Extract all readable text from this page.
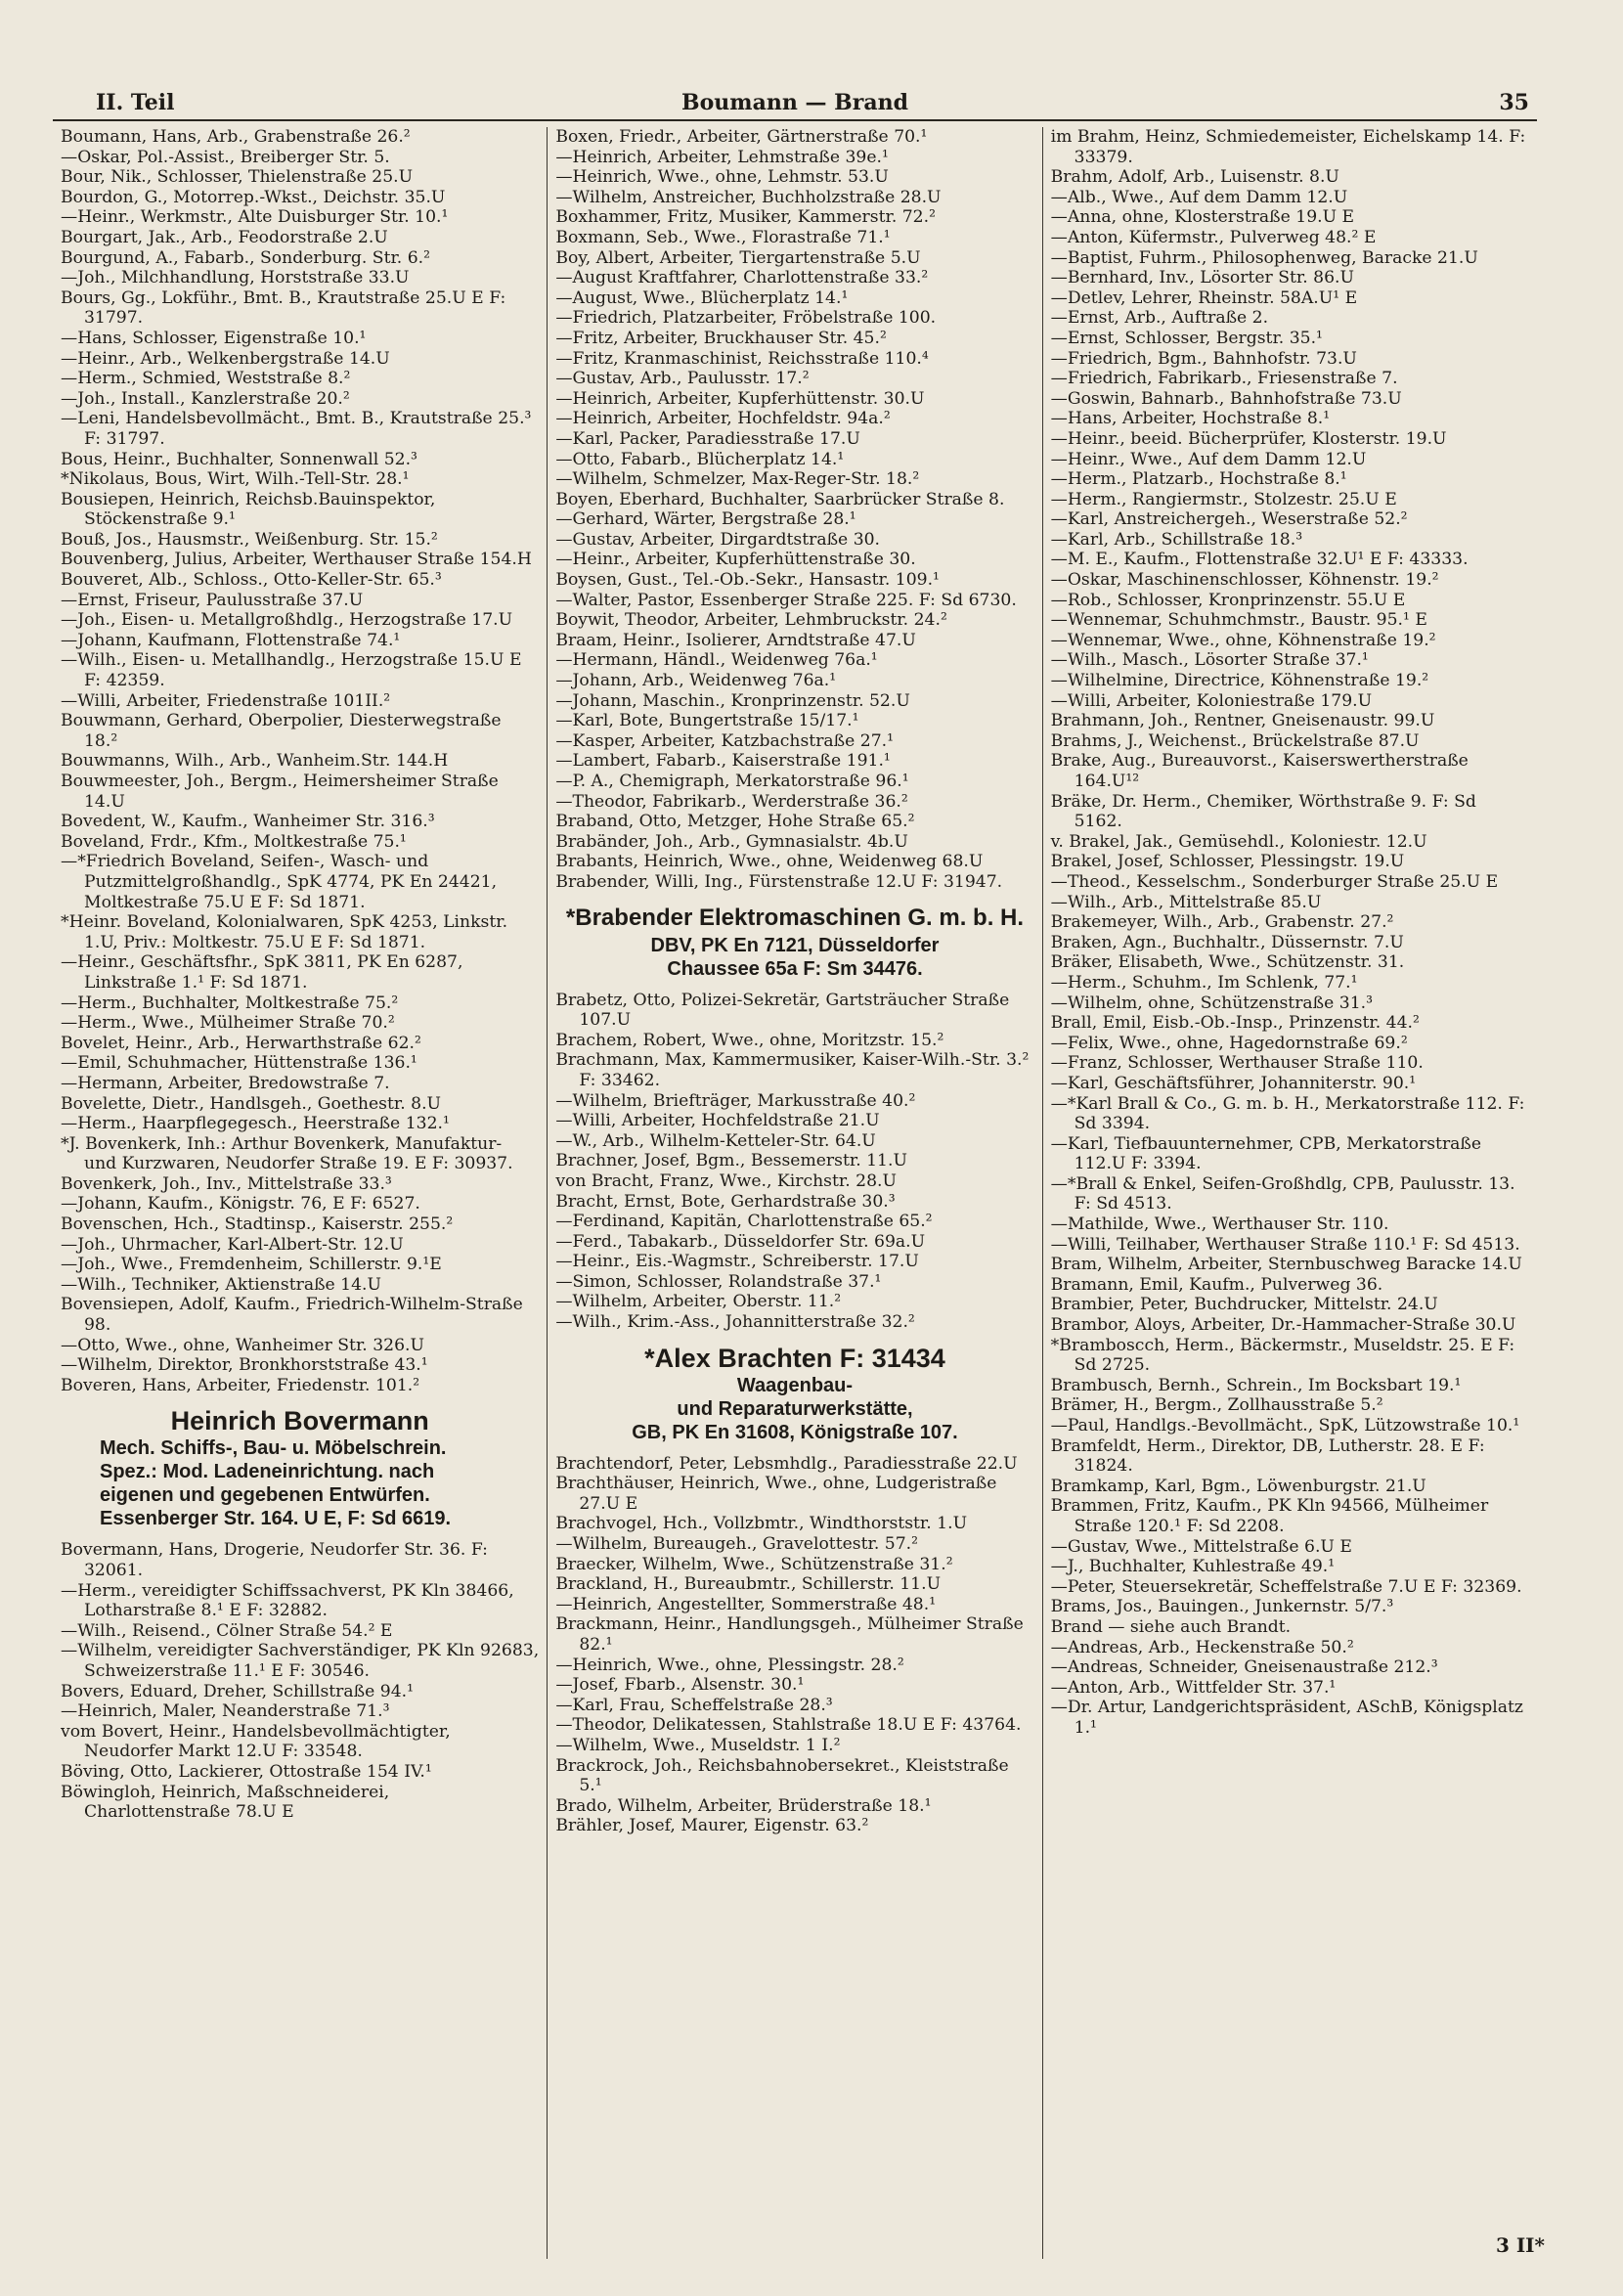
II. Teil	Boumann — Brand	35
Boumann, Hans, Arb., Grabenstraße 26.²
—Oskar, Pol.-Assist., Breiberger Str. 5.
Bour, Nik., Schlosser, Thielenstraße 25.U
Bourdon, G., Motorrep.-Wkst., Deichstr. 35.U
—Heinr., Werkmstr., Alte Duisburger Str. 10.¹
Bourgart, Jak., Arb., Feodorstraße 2.U
Bourgund, A., Fabarb., Sonderburg. Str. 6.²
—Joh., Milchhandlung, Horststraße 33.U
Bours, Gg., Lokführ., Bmt. B., Krautstraße 25.U E F: 31797.
—Hans, Schlosser, Eigenstraße 10.¹
—Heinr., Arb., Welkenbergstraße 14.U
—Herm., Schmied, Weststraße 8.²
—Joh., Install., Kanzlerstraße 20.²
—Leni, Handelsbevollmächt., Bmt. B., Krautstraße 25.³ F: 31797.
Bous, Heinr., Buchhalter, Sonnenwall 52.³
*Nikolaus, Bous, Wirt, Wilh.-Tell-Str. 28.¹
Bousiepen, Heinrich, Reichsb.Bauinspektor, Stöckenstraße 9.¹
Bouß, Jos., Hausmstr., Weißenburg. Str. 15.²
Bouvenberg, Julius, Arbeiter, Werthauser Straße 154.H
Bouveret, Alb., Schloss., Otto-Keller-Str. 65.³
—Ernst, Friseur, Paulusstraße 37.U
—Joh., Eisen- u. Metallgroßhdlg., Herzogstraße 17.U
—Johann, Kaufmann, Flottenstraße 74.¹
—Wilh., Eisen- u. Metallhandlg., Herzogstraße 15.U E F: 42359.
—Willi, Arbeiter, Friedenstraße 101II.²
Bouwmann, Gerhard, Oberpolier, Diesterwegstraße 18.²
Bouwmanns, Wilh., Arb., Wanheim.Str. 144.H
Bouwmeester, Joh., Bergm., Heimersheimer Straße 14.U
Bovedent, W., Kaufm., Wanheimer Str. 316.³
Boveland, Frdr., Kfm., Moltkestraße 75.¹
—*Friedrich Boveland, Seifen-, Wasch- und Putzmittelgroßhandlg., SpK 4774, PK En 24421, Moltkestraße 75.U E F: Sd 1871.
*Heinr. Boveland, Kolonialwaren, SpK 4253, Linkstr. 1.U, Priv.: Moltkestr. 75.U E F: Sd 1871.
—Heinr., Geschäftsfhr., SpK 3811, PK En 6287, Linkstraße 1.¹ F: Sd 1871.
—Herm., Buchhalter, Moltkestraße 75.²
—Herm., Wwe., Mülheimer Straße 70.²
Bovelet, Heinr., Arb., Herwarthstraße 62.²
—Emil, Schuhmacher, Hüttenstraße 136.¹
—Hermann, Arbeiter, Bredowstraße 7.
Bovelette, Dietr., Handlsgeh., Goethestr. 8.U
—Herm., Haarpflegegesch., Heerstraße 132.¹
*J. Bovenkerk, Inh.: Arthur Bovenkerk, Manufaktur- und Kurzwaren, Neudorfer Straße 19. E F: 30937.
Bovenkerk, Joh., Inv., Mittelstraße 33.³
—Johann, Kaufm., Königstr. 76, E F: 6527.
Bovenschen, Hch., Stadtinsp., Kaiserstr. 255.²
—Joh., Uhrmacher, Karl-Albert-Str. 12.U
—Joh., Wwe., Fremdenheim, Schillerstr. 9.¹E
—Wilh., Techniker, Aktienstraße 14.U
Bovensiepen, Adolf, Kaufm., Friedrich-Wilhelm-Straße 98.
—Otto, Wwe., ohne, Wanheimer Str. 326.U
—Wilhelm, Direktor, Bronkhorststraße 43.¹
Boveren, Hans, Arbeiter, Friedenstr. 101.²
Heinrich Bovermann
Mech. Schiffs-, Bau- u. Möbelschrein.
Spez.: Mod. Ladeneinrichtung. nach
eigenen und gegebenen Entwürfen.
Essenberger Str. 164. U E, F: Sd 6619.
Bovermann, Hans, Drogerie, Neudorfer Str. 36. F: 32061.
—Herm., vereidigter Schiffssachverst, PK Kln 38466, Lotharstraße 8.¹ E F: 32882.
—Wilh., Reisend., Cölner Straße 54.² E
—Wilhelm, vereidigter Sachverständiger, PK Kln 92683, Schweizerstraße 11.¹ E F: 30546.
Bovers, Eduard, Dreher, Schillstraße 94.¹
—Heinrich, Maler, Neanderstraße 71.³
vom Bovert, Heinr., Handelsbevollmächtigter, Neudorfer Markt 12.U F: 33548.
Böving, Otto, Lackierer, Ottostraße 154 IV.¹
Böwingloh, Heinrich, Maßschneiderei, Charlottenstraße 78.U E
Boxen, Friedr., Arbeiter, Gärtnerstraße 70.¹
—Heinrich, Arbeiter, Lehmstraße 39e.¹
—Heinrich, Wwe., ohne, Lehmstr. 53.U
—Wilhelm, Anstreicher, Buchholzstraße 28.U
Boxhammer, Fritz, Musiker, Kammerstr. 72.²
Boxmann, Seb., Wwe., Florastraße 71.¹
Boy, Albert, Arbeiter, Tiergartenstraße 5.U
—August Kraftfahrer, Charlottenstraße 33.²
—August, Wwe., Blücherplatz 14.¹
—Friedrich, Platzarbeiter, Fröbelstraße 100.
—Fritz, Arbeiter, Bruckhauser Str. 45.²
—Fritz, Kranmaschinist, Reichsstraße 110.⁴
—Gustav, Arb., Paulusstr. 17.²
—Heinrich, Arbeiter, Kupferhüttenstr. 30.U
—Heinrich, Arbeiter, Hochfeldstr. 94a.²
—Karl, Packer, Paradiesstraße 17.U
—Otto, Fabarb., Blücherplatz 14.¹
—Wilhelm, Schmelzer, Max-Reger-Str. 18.²
Boyen, Eberhard, Buchhalter, Saarbrücker Straße 8.
—Gerhard, Wärter, Bergstraße 28.¹
—Gustav, Arbeiter, Dirgardtstraße 30.
—Heinr., Arbeiter, Kupferhüttenstraße 30.
Boysen, Gust., Tel.-Ob.-Sekr., Hansastr. 109.¹
—Walter, Pastor, Essenberger Straße 225. F: Sd 6730.
Boywit, Theodor, Arbeiter, Lehmbruckstr. 24.²
Braam, Heinr., Isolierer, Arndtstraße 47.U
—Hermann, Händl., Weidenweg 76a.¹
—Johann, Arb., Weidenweg 76a.¹
—Johann, Maschin., Kronprinzenstr. 52.U
—Karl, Bote, Bungertstraße 15/17.¹
—Kasper, Arbeiter, Katzbachstraße 27.¹
—Lambert, Fabarb., Kaiserstraße 191.¹
—P. A., Chemigraph, Merkatorstraße 96.¹
—Theodor, Fabrikarb., Werderstraße 36.²
Braband, Otto, Metzger, Hohe Straße 65.²
Brabänder, Joh., Arb., Gymnasialstr. 4b.U
Brabants, Heinrich, Wwe., ohne, Weidenweg 68.U
Brabender, Willi, Ing., Fürstenstraße 12.U F: 31947.
*Brabender Elektromaschinen G. m. b. H.
DBV, PK En 7121, Düsseldorfer
Chaussee 65a F: Sm 34476.
Brabetz, Otto, Polizei-Sekretär, Gartsträucher Straße 107.U
Brachem, Robert, Wwe., ohne, Moritzstr. 15.²
Brachmann, Max, Kammermusiker, Kaiser-Wilh.-Str. 3.² F: 33462.
—Wilhelm, Briefträger, Markusstraße 40.²
—Willi, Arbeiter, Hochfeldstraße 21.U
—W., Arb., Wilhelm-Ketteler-Str. 64.U
Brachner, Josef, Bgm., Bessemerstr. 11.U
von Bracht, Franz, Wwe., Kirchstr. 28.U
Bracht, Ernst, Bote, Gerhardstraße 30.³
—Ferdinand, Kapitän, Charlottenstraße 65.²
—Ferd., Tabakarb., Düsseldorfer Str. 69a.U
—Heinr., Eis.-Wagmstr., Schreiberstr. 17.U
—Simon, Schlosser, Rolandstraße 37.¹
—Wilhelm, Arbeiter, Oberstr. 11.²
—Wilh., Krim.-Ass., Johannitterstraße 32.²
*Alex Brachten F: 31434
Waagenbau-
und Reparaturwerkstätte,
GB, PK En 31608, Königstraße 107.
Brachtendorf, Peter, Lebsmhdlg., Paradiesstraße 22.U
Brachthäuser, Heinrich, Wwe., ohne, Ludgeristraße 27.U E
Brachvogel, Hch., Vollzbmtr., Windthorststr. 1.U
—Wilhelm, Bureaugeh., Gravelottestr. 57.²
Braecker, Wilhelm, Wwe., Schützenstraße 31.²
Brackland, H., Bureaubmtr., Schillerstr. 11.U
—Heinrich, Angestellter, Sommerstraße 48.¹
Brackmann, Heinr., Handlungsgeh., Mülheimer Straße 82.¹
—Heinrich, Wwe., ohne, Plessingstr. 28.²
—Josef, Fbarb., Alsenstr. 30.¹
—Karl, Frau, Scheffelstraße 28.³
—Theodor, Delikatessen, Stahlstraße 18.U E F: 43764.
—Wilhelm, Wwe., Museldstr. 1 I.²
Brackrock, Joh., Reichsbahnobersekret., Kleiststraße 5.¹
Brado, Wilhelm, Arbeiter, Brüderstraße 18.¹
Brähler, Josef, Maurer, Eigenstr. 63.²
im Brahm, Heinz, Schmiedemeister, Eichelskamp 14. F: 33379.
Brahm, Adolf, Arb., Luisenstr. 8.U
—Alb., Wwe., Auf dem Damm 12.U
—Anna, ohne, Klosterstraße 19.U E
—Anton, Küfermstr., Pulverweg 48.² E
—Baptist, Fuhrm., Philosophenweg, Baracke 21.U
—Bernhard, Inv., Lösorter Str. 86.U
—Detlev, Lehrer, Rheinstr. 58A.U¹ E
—Ernst, Arb., Auftraße 2.
—Ernst, Schlosser, Bergstr. 35.¹
—Friedrich, Bgm., Bahnhofstr. 73.U
—Friedrich, Fabrikarb., Friesenstraße 7.
—Goswin, Bahnarb., Bahnhofstraße 73.U
—Hans, Arbeiter, Hochstraße 8.¹
—Heinr., beeid. Bücherprüfer, Klosterstr. 19.U
—Heinr., Wwe., Auf dem Damm 12.U
—Herm., Platzarb., Hochstraße 8.¹
—Herm., Rangiermstr., Stolzestr. 25.U E
—Karl, Anstreichergeh., Weserstraße 52.²
—Karl, Arb., Schillstraße 18.³
—M. E., Kaufm., Flottenstraße 32.U¹ E F: 43333.
—Oskar, Maschinenschlosser, Köhnenstr. 19.²
—Rob., Schlosser, Kronprinzenstr. 55.U E
—Wennemar, Schuhmchmstr., Baustr. 95.¹ E
—Wennemar, Wwe., ohne, Köhnenstraße 19.²
—Wilh., Masch., Lösorter Straße 37.¹
—Wilhelmine, Directrice, Köhnenstraße 19.²
—Willi, Arbeiter, Koloniestraße 179.U
Brahmann, Joh., Rentner, Gneisenaustr. 99.U
Brahms, J., Weichenst., Brückelstraße 87.U
Brake, Aug., Bureauvorst., Kaiserswertherstraße 164.U¹²
Bräke, Dr. Herm., Chemiker, Wörthstraße 9. F: Sd 5162.
v. Brakel, Jak., Gemüsehdl., Koloniestr. 12.U
Brakel, Josef, Schlosser, Plessingstr. 19.U
—Theod., Kesselschm., Sonderburger Straße 25.U E
—Wilh., Arb., Mittelstraße 85.U
Brakemeyer, Wilh., Arb., Grabenstr. 27.²
Braken, Agn., Buchhaltr., Düssernstr. 7.U
Bräker, Elisabeth, Wwe., Schützenstr. 31.
—Herm., Schuhm., Im Schlenk, 77.¹
—Wilhelm, ohne, Schützenstraße 31.³
Brall, Emil, Eisb.-Ob.-Insp., Prinzenstr. 44.²
—Felix, Wwe., ohne, Hagedornstraße 69.²
—Franz, Schlosser, Werthauser Straße 110.
—Karl, Geschäftsführer, Johanniterstr. 90.¹
—*Karl Brall & Co., G. m. b. H., Merkatorstraße 112. F: Sd 3394.
—Karl, Tiefbauunternehmer, CPB, Merkatorstraße 112.U F: 3394.
—*Brall & Enkel, Seifen-Großhdlg, CPB, Paulusstr. 13. F: Sd 4513.
—Mathilde, Wwe., Werthauser Str. 110.
—Willi, Teilhaber, Werthauser Straße 110.¹ F: Sd 4513.
Bram, Wilhelm, Arbeiter, Sternbuschweg Baracke 14.U
Bramann, Emil, Kaufm., Pulverweg 36.
Brambier, Peter, Buchdrucker, Mittelstr. 24.U
Brambor, Aloys, Arbeiter, Dr.-Hammacher-Straße 30.U
*Bramboscch, Herm., Bäckermstr., Museldstr. 25. E F: Sd 2725.
Brambusch, Bernh., Schrein., Im Bocksbart 19.¹
Brämer, H., Bergm., Zollhausstraße 5.²
—Paul, Handlgs.-Bevollmächt., SpK, Lützowstraße 10.¹
Bramfeldt, Herm., Direktor, DB, Lutherstr. 28. E F: 31824.
Bramkamp, Karl, Bgm., Löwenburgstr. 21.U
Brammen, Fritz, Kaufm., PK Kln 94566, Mülheimer Straße 120.¹ F: Sd 2208.
—Gustav, Wwe., Mittelstraße 6.U E
—J., Buchhalter, Kuhlestraße 49.¹
—Peter, Steuersekretär, Scheffelstraße 7.U E F: 32369.
Brams, Jos., Bauingen., Junkernstr. 5/7.³
Brand — siehe auch Brandt.
—Andreas, Arb., Heckenstraße 50.²
—Andreas, Schneider, Gneisenaustraße 212.³
—Anton, Arb., Wittfelder Str. 37.¹
—Dr. Artur, Landgerichtspräsident, ASchB, Königsplatz 1.¹
3 II*
